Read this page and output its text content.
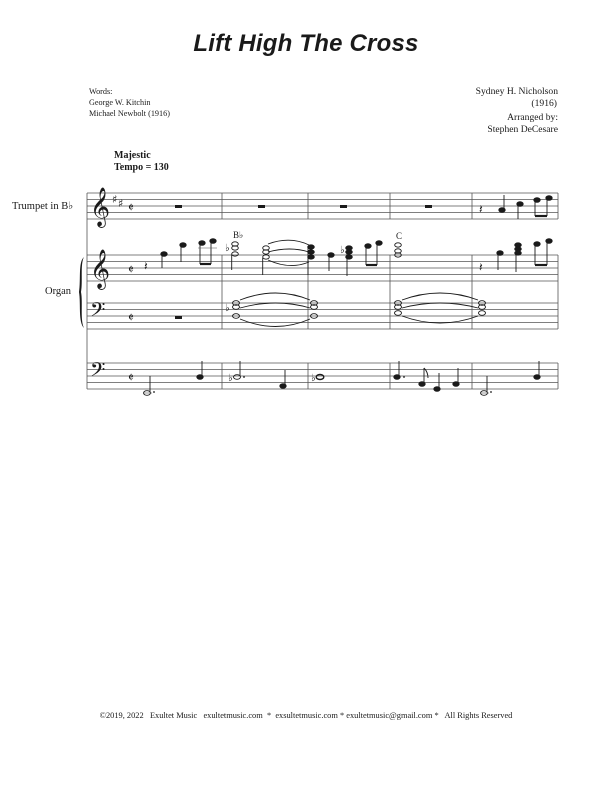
Lift High The Cross
Words:
George W. Kitchin
Michael Newbolt (1916)
Sydney H. Nicholson
(1916)
Arranged by:
Stephen DeCesare
Majestic
Tempo = 130
Trumpet in B♭
Organ
B♭	C
𝄞 ♯ ♯ 𝄵
𝄞 𝄵
𝄢 𝄵
𝄢 𝄵
𝄽	𝄽
𝄽
♭	♭
♭
♭	♭
©2019, 2022   Exultet Music   exultetmusic.com  *  exsultetmusic.com * exultetmusic@gmail.com *   All Rights Reserved
